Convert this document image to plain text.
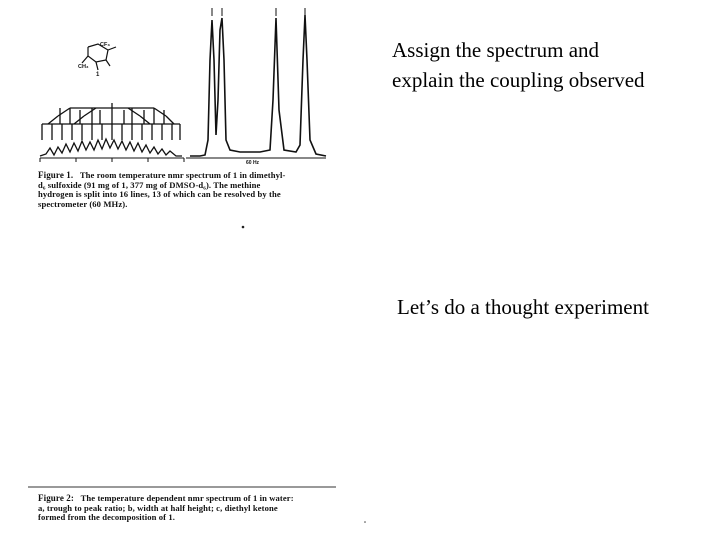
CF₃
CH₃
1
60 Hz
Figure 1. The room temperature nmr spectrum of 1 in dimethyl-
d₆ sulfoxide (91 mg of 1, 377 mg of DMSO-d₆). The methine
hydrogen is split into 16 lines, 13 of which can be resolved by the
spectrometer (60 MHz).
Figure 2: The temperature dependent nmr spectrum of 1 in water:
a, trough to peak ratio; b, width at half height; c, diethyl ketone
formed from the decomposition of 1.
Assign the spectrum and
explain the coupling observed
Let’s do a thought experiment
